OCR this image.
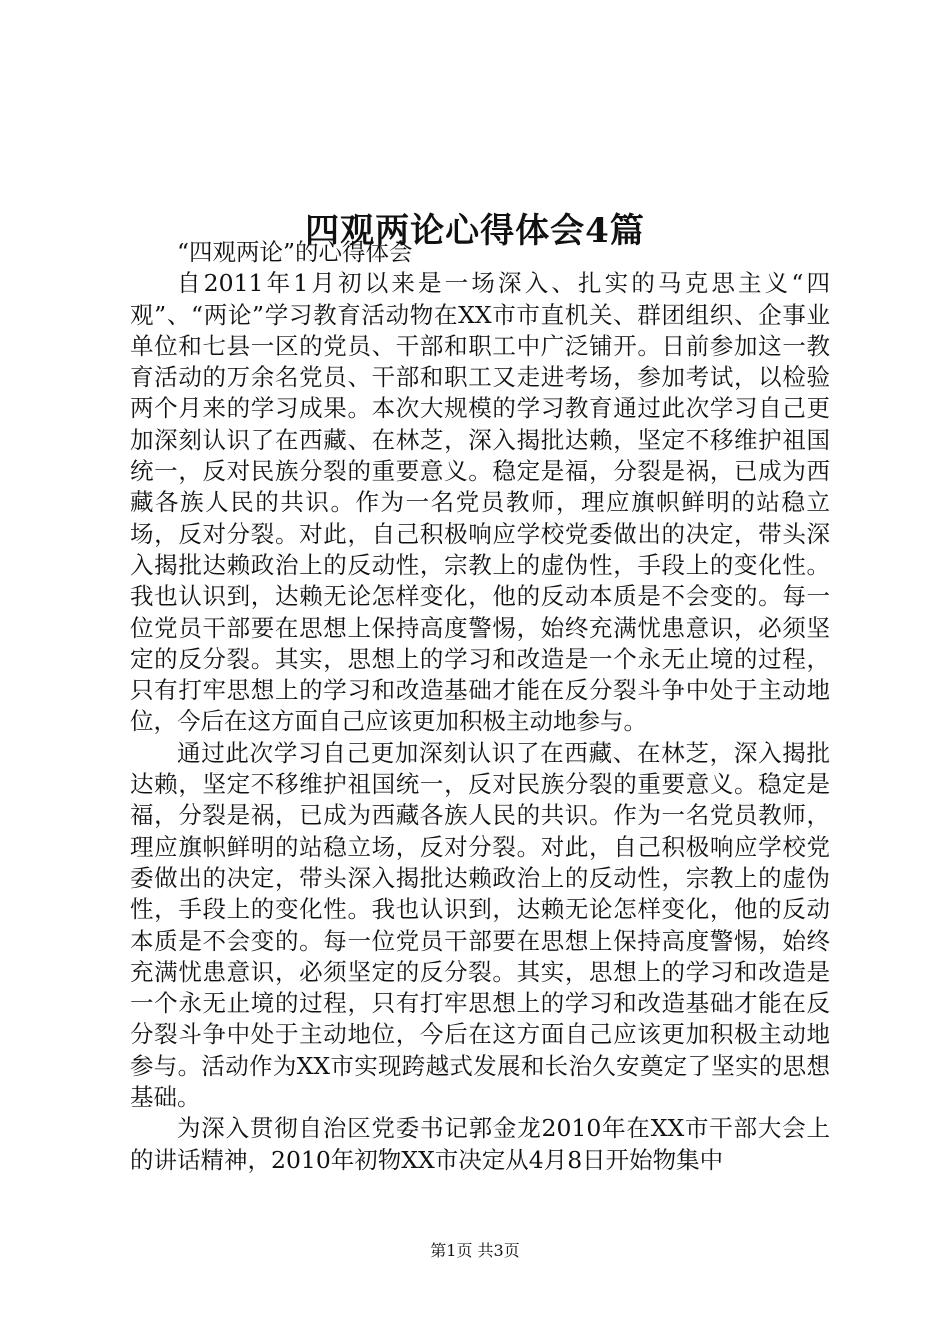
四观两论心得体会4篇

“四观两论”的心得体会

自2011年1月初以来是一场深入、扎实的马克思主义“四观”、“两论”学习教育活动物在XX市市直机关、群团组织、企事业单位和七县一区的党员、干部和职工中广泛铺开。日前参加这一教育活动的万余名党员、干部和职工又走进考场，参加考试，以检验两个月来的学习成果。本次大规模的学习教育通过此次学习自己更加深刻认识了在西藏、在林芝，深入揭批达赖，坚定不移维护祖国统一，反对民族分裂的重要意义。稳定是福，分裂是祸，已成为西藏各族人民的共识。作为一名党员教师，理应旗帜鲜明的站稳立场，反对分裂。对此，自己积极响应学校党委做出的决定，带头深入揭批达赖政治上的反动性，宗教上的虚伪性，手段上的变化性。我也认识到，达赖无论怎样变化，他的反动本质是不会变的。每一位党员干部要在思想上保持高度警惕，始终充满忧患意识，必须坚定的反分裂。其实，思想上的学习和改造是一个永无止境的过程，只有打牢思想上的学习和改造基础才能在反分裂斗争中处于主动地位，今后在这方面自己应该更加积极主动地参与。

通过此次学习自己更加深刻认识了在西藏、在林芝，深入揭批达赖，坚定不移维护祖国统一，反对民族分裂的重要意义。稳定是福，分裂是祸，已成为西藏各族人民的共识。作为一名党员教师，理应旗帜鲜明的站稳立场，反对分裂。对此，自己积极响应学校党委做出的决定，带头深入揭批达赖政治上的反动性，宗教上的虚伪性，手段上的变化性。我也认识到，达赖无论怎样变化，他的反动本质是不会变的。每一位党员干部要在思想上保持高度警惕，始终充满忧患意识，必须坚定的反分裂。其实，思想上的学习和改造是一个永无止境的过程，只有打牢思想上的学习和改造基础才能在反分裂斗争中处于主动地位，今后在这方面自己应该更加积极主动地参与。活动作为XX市实现跨越式发展和长治久安奠定了坚实的思想基础。

为深入贯彻自治区党委书记郭金龙2010年在XX市干部大会上的讲话精神，2010年初物XX市决定从4月8日开始物集中

第1页 共3页
